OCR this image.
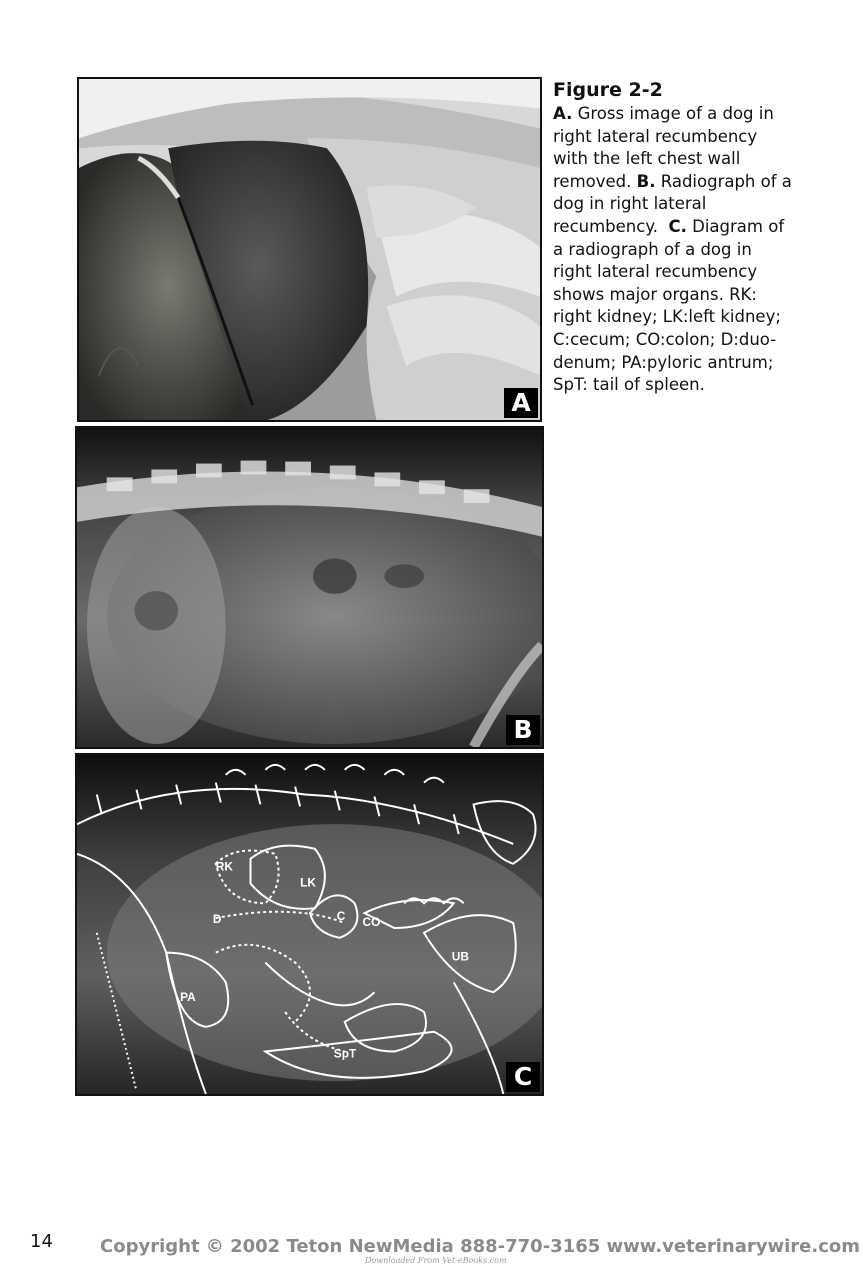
A
B
RK
LK
C CO
D
UB
PA
SpT
C
Figure 2-2

A. Gross image of a dog in right lateral recumbency with the left chest wall removed. B. Radiograph of a dog in right lateral recumbency. C. Diagram of a radiograph of a dog in right lateral recumbency shows major organs. RK: right kidney; LK:left kidney; C:cecum; CO:colon; D:duo-denum; PA:pyloric antrum; SpT: tail of spleen.

14	Copyright © 2002 Teton NewMedia 888-770-3165 www.veterinarywire.com
Downloaded From Vet-eBooks.com
